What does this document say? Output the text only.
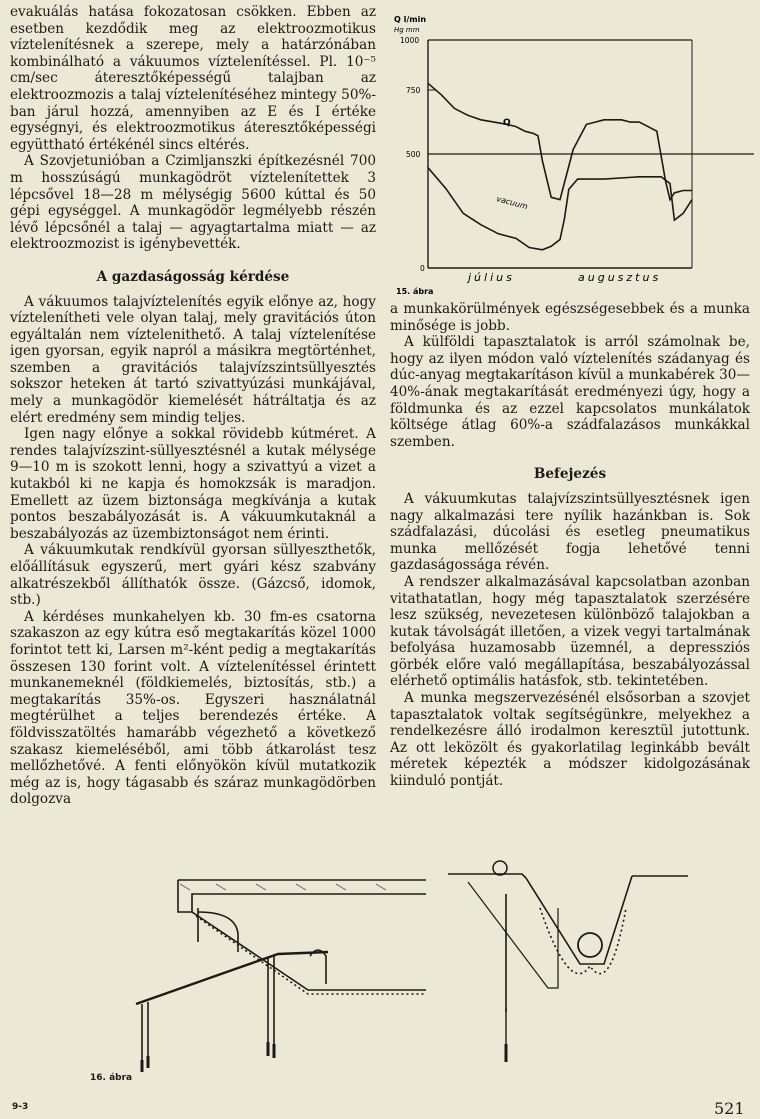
evakuálás hatása fokozatosan csökken. Ebben az esetben kezdődik meg az elektroozmotikus víztelenítésnek a szerepe, mely a határzónában kombinálható a vákuumos víztelenítéssel. Pl. 10⁻⁵ cm/sec áteresztőképességű talajban az elektroozmozis a talaj víztelenítéséhez mintegy 50%-ban járul hozzá, amennyiben az E és I értéke egységnyi, és elektroozmotikus áteresztőképességi együttható értékénél sincs eltérés.

A Szovjetunióban a Czimljanszki építkezésnél 700 m hosszúságú munkagödröt víztelenítettek 3 lépcsővel 18—28 m mélységig 5600 kúttal és 50 gépi egységgel. A munkagödör legmélyebb részén lévő lépcsőnél a talaj — agyagtartalma miatt — az elektroozmozist is igénybevették.

A gazdaságosság kérdése

A vákuumos talajvíztelenítés egyik előnye az, hogy víztelenítheti vele olyan talaj, mely gravitációs úton egyáltalán nem víztelenithető. A talaj víztelenítése igen gyorsan, egyik napról a másikra megtörténhet, szemben a gravitációs talajvízszintsüllyesztés sokszor heteken át tartó szivattyúzási munkájával, mely a munkagödör kiemelését hátráltatja és az elért eredmény sem mindig teljes.

Igen nagy előnye a sokkal rövidebb kútméret. A rendes talajvízszint-süllyesztésnél a kutak mélysége 9—10 m is szokott lenni, hogy a szivattyú a vizet a kutakból ki ne kapja és homokzsák is maradjon. Emellett az üzem biztonsága megkívánja a kutak pontos beszabályozását is. A vákuumkutaknál a beszabályozás az üzembiztonságot nem érinti.

A vákuumkutak rendkívül gyorsan süllyeszthetők, előállításuk egyszerű, mert gyári kész szabvány alkatrészekből állíthatók össze. (Gázcső, idomok, stb.)

A kérdéses munkahelyen kb. 30 fm-es csatorna szakaszon az egy kútra eső megtakarítás közel 1000 forintot tett ki, Larsen m²-ként pedig a megtakarítás összesen 130 forint volt. A víztelenítéssel érintett munkanemeknél (földkiemelés, biztosítás, stb.) a megtakarítás 35%-os. Egyszeri használatnál megtérülhet a teljes berendezés értéke. A földvisszatöltés hamarább végezhető a következő szakasz kiemeléséből, ami több átkarolást tesz mellőzhetővé. A fenti előnyökön kívül mutatkozik még az is, hogy tágasabb és száraz munkagödörben dolgozva

Q l/min
Hg mm
1000
750
500
0
Q
vacuum
július	augusztus
15. ábra

a munkakörülmények egészségesebbek és a munka minősége is jobb.

A külföldi tapasztalatok is arról számolnak be, hogy az ilyen módon való víztelenítés szádanyag és dúc-anyag megtakarításon kívül a munkabérek 30—40%-ának megtakarítását eredményezi úgy, hogy a földmunka és az ezzel kapcsolatos munkálatok költsége átlag 60%-a szádfalazásos munkákkal szemben.

Befejezés

A vákuumkutas talajvízszintsüllyesztésnek igen nagy alkalmazási tere nyílik hazánkban is. Sok szádfalazási, dúcolási és esetleg pneumatikus munka mellőzését fogja lehetővé tenni gazdaságossága révén.

A rendszer alkalmazásával kapcsolatban azonban vitathatatlan, hogy még tapasztalatok szerzésére lesz szükség, nevezetesen különböző talajokban a kutak távolságát illetően, a vizek vegyi tartalmának befolyása huzamosabb üzemnél, a depressziós görbék előre való megállapítása, beszabályozással elérhető optimális hatásfok, stb. tekintetében.

A munka megszervezésénél elsősorban a szovjet tapasztalatok voltak segítségünkre, melyekhez a rendelkezésre álló irodalmon keresztül jutottunk. Az ott leközölt és gyakorlatilag leginkább bevált méretek képezték a módszer kidolgozásának kiinduló pontját.

16. ábra
9-3	521
